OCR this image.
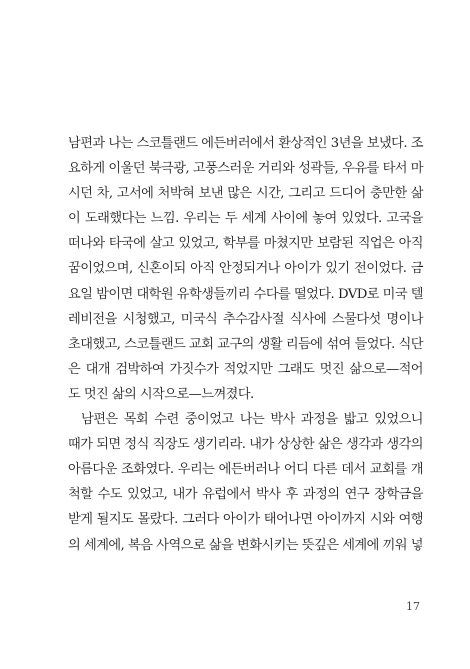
남편과 나는 스코틀랜드 에든버러에서 환상적인 3년을 보냈다. 조
요하게 이울던 북극광, 고풍스러운 거리와 성곽들, 우유를 타서 마
시던 차, 고서에 처박혀 보낸 많은 시간, 그리고 드디어 충만한 삶
이 도래했다는 느낌. 우리는 두 세계 사이에 놓여 있었다. 고국을
떠나와 타국에 살고 있었고, 학부를 마쳤지만 보람된 직업은 아직
꿈이었으며, 신혼이되 아직 안정되거나 아이가 있기 전이었다. 금
요일 밤이면 대학원 유학생들끼리 수다를 떨었다. DVD로 미국 텔
레비전을 시청했고, 미국식 추수감사절 식사에 스물다섯 명이나
초대했고, 스코틀랜드 교회 교구의 생활 리듬에 섞여 들었다. 식단
은 대개 검박하여 가짓수가 적었지만 그래도 멋진 삶으로—적어
도 멋진 삶의 시작으로—느껴졌다.
남편은 목회 수련 중이었고 나는 박사 과정을 밟고 있었으니
때가 되면 정식 직장도 생기리라. 내가 상상한 삶은 생각과 생각의
아름다운 조화였다. 우리는 에든버러나 어디 다른 데서 교회를 개
척할 수도 있었고, 내가 유럽에서 박사 후 과정의 연구 장학금을
받게 될지도 몰랐다. 그러다 아이가 태어나면 아이까지 시와 여행
의 세계에, 복음 사역으로 삶을 변화시키는 뜻깊은 세계에 끼워 넣
17
